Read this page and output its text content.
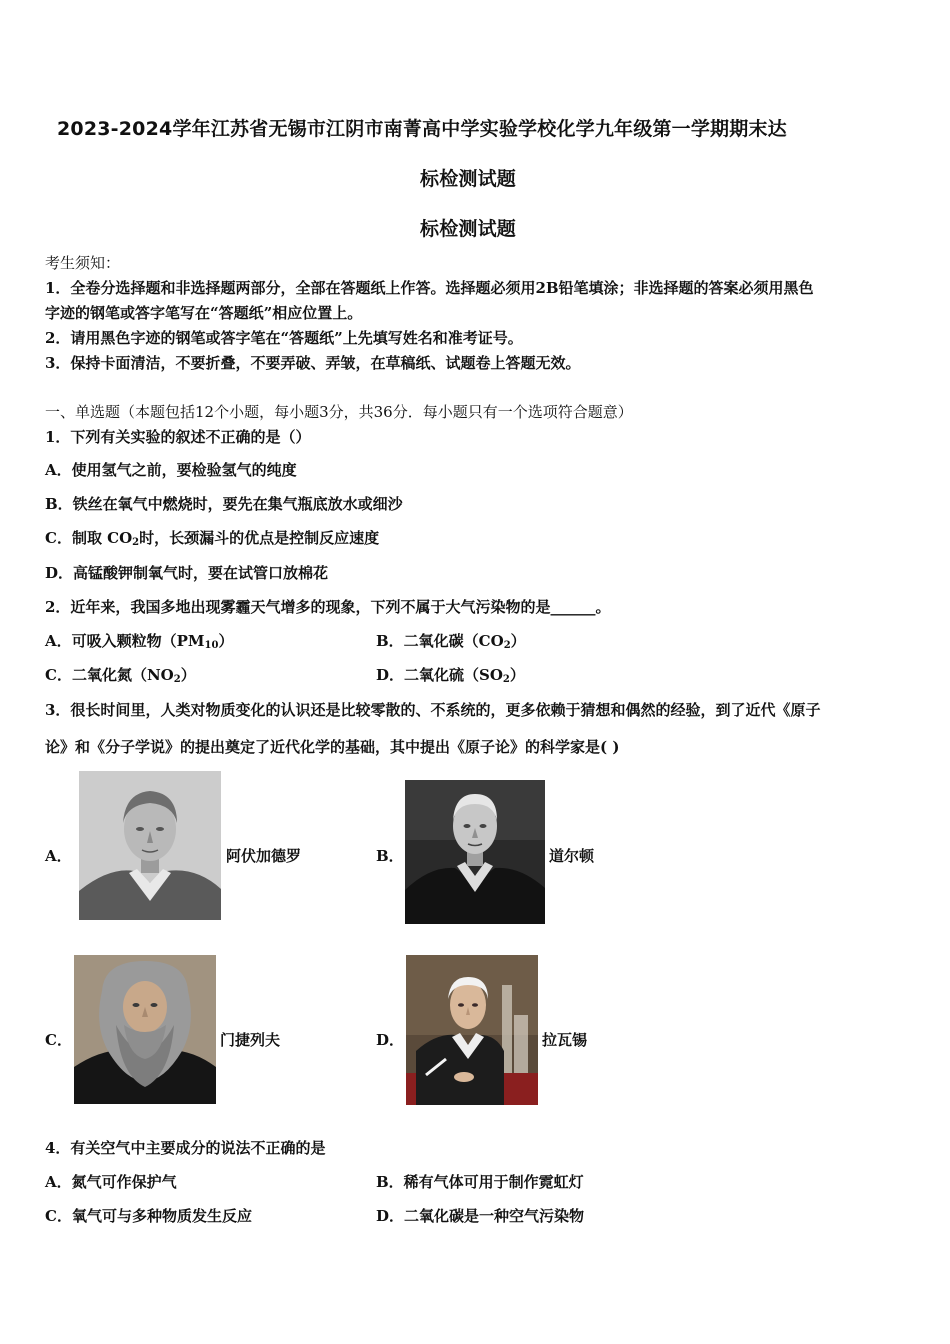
2023-2024学年江苏省无锡市江阴市南菁高中学实验学校化学九年级第一学期期末达
标检测试题
标检测试题
考生须知：
1．全卷分选择题和非选择题两部分，全部在答题纸上作答。选择题必须用2B铅笔填涂；非选择题的答案必须用黑色
字迹的钢笔或答字笔写在“答题纸”相应位置上。
2．请用黑色字迹的钢笔或答字笔在“答题纸”上先填写姓名和准考证号。
3．保持卡面清洁，不要折叠，不要弄破、弄皱，在草稿纸、试题卷上答题无效。
一、单选题（本题包括12个小题，每小题3分，共36分．每小题只有一个选项符合题意）
1．下列有关实验的叙述不正确的是（）
A．使用氢气之前，要检验氢气的纯度
B．铁丝在氧气中燃烧时，要先在集气瓶底放水或细沙
C．制取 $CO_2$时，长颈漏斗的优点是控制反应速度
D．高锰酸钾制氧气时，要在试管口放棉花
2．近年来，我国多地出现雾霾天气增多的现象，下列不属于大气污染物的是______。
A．可吸入颗粒物$(PM_{10})$	B．二氧化碳$(CO_2)$
C．二氧化氮$(NO_2)$	D．二氧化硫$(SO_2)$
3．很长时间里，人类对物质变化的认识还是比较零散的、不系统的，更多依赖于猜想和偶然的经验，到了近代《原子
论》和《分子学说》的提出奠定了近代化学的基础，其中提出《原子论》的科学家是( )
A．	阿伏加德罗	B．	道尔顿
C．	门捷列夫	D．	拉瓦锡
4．有关空气中主要成分的说法不正确的是
A．氮气可作保护气	B．稀有气体可用于制作霓虹灯
C．氧气可与多种物质发生反应	D．二氧化碳是一种空气污染物
